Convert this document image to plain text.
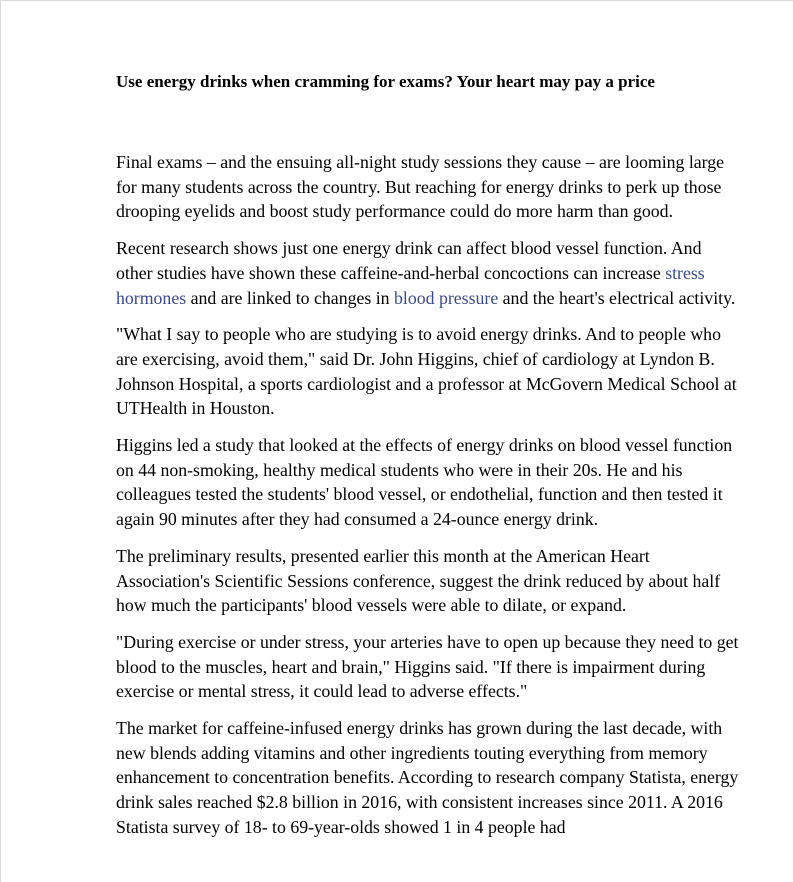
Use energy drinks when cramming for exams? Your heart may pay a price

Final exams – and the ensuing all-night study sessions they cause – are looming large for many students across the country. But reaching for energy drinks to perk up those drooping eyelids and boost study performance could do more harm than good.

Recent research shows just one energy drink can affect blood vessel function. And other studies have shown these caffeine-and-herbal concoctions can increase stress hormones and are linked to changes in blood pressure and the heart's electrical activity.

"What I say to people who are studying is to avoid energy drinks. And to people who are exercising, avoid them," said Dr. John Higgins, chief of cardiology at Lyndon B. Johnson Hospital, a sports cardiologist and a professor at McGovern Medical School at UTHealth in Houston.

Higgins led a study that looked at the effects of energy drinks on blood vessel function on 44 non-smoking, healthy medical students who were in their 20s. He and his colleagues tested the students' blood vessel, or endothelial, function and then tested it again 90 minutes after they had consumed a 24-ounce energy drink.

The preliminary results, presented earlier this month at the American Heart Association's Scientific Sessions conference, suggest the drink reduced by about half how much the participants' blood vessels were able to dilate, or expand.

"During exercise or under stress, your arteries have to open up because they need to get blood to the muscles, heart and brain," Higgins said. "If there is impairment during exercise or mental stress, it could lead to adverse effects."

The market for caffeine-infused energy drinks has grown during the last decade, with new blends adding vitamins and other ingredients touting everything from memory enhancement to concentration benefits. According to research company Statista, energy drink sales reached $2.8 billion in 2016, with consistent increases since 2011. A 2016 Statista survey of 18- to 69-year-olds showed 1 in 4 people had
